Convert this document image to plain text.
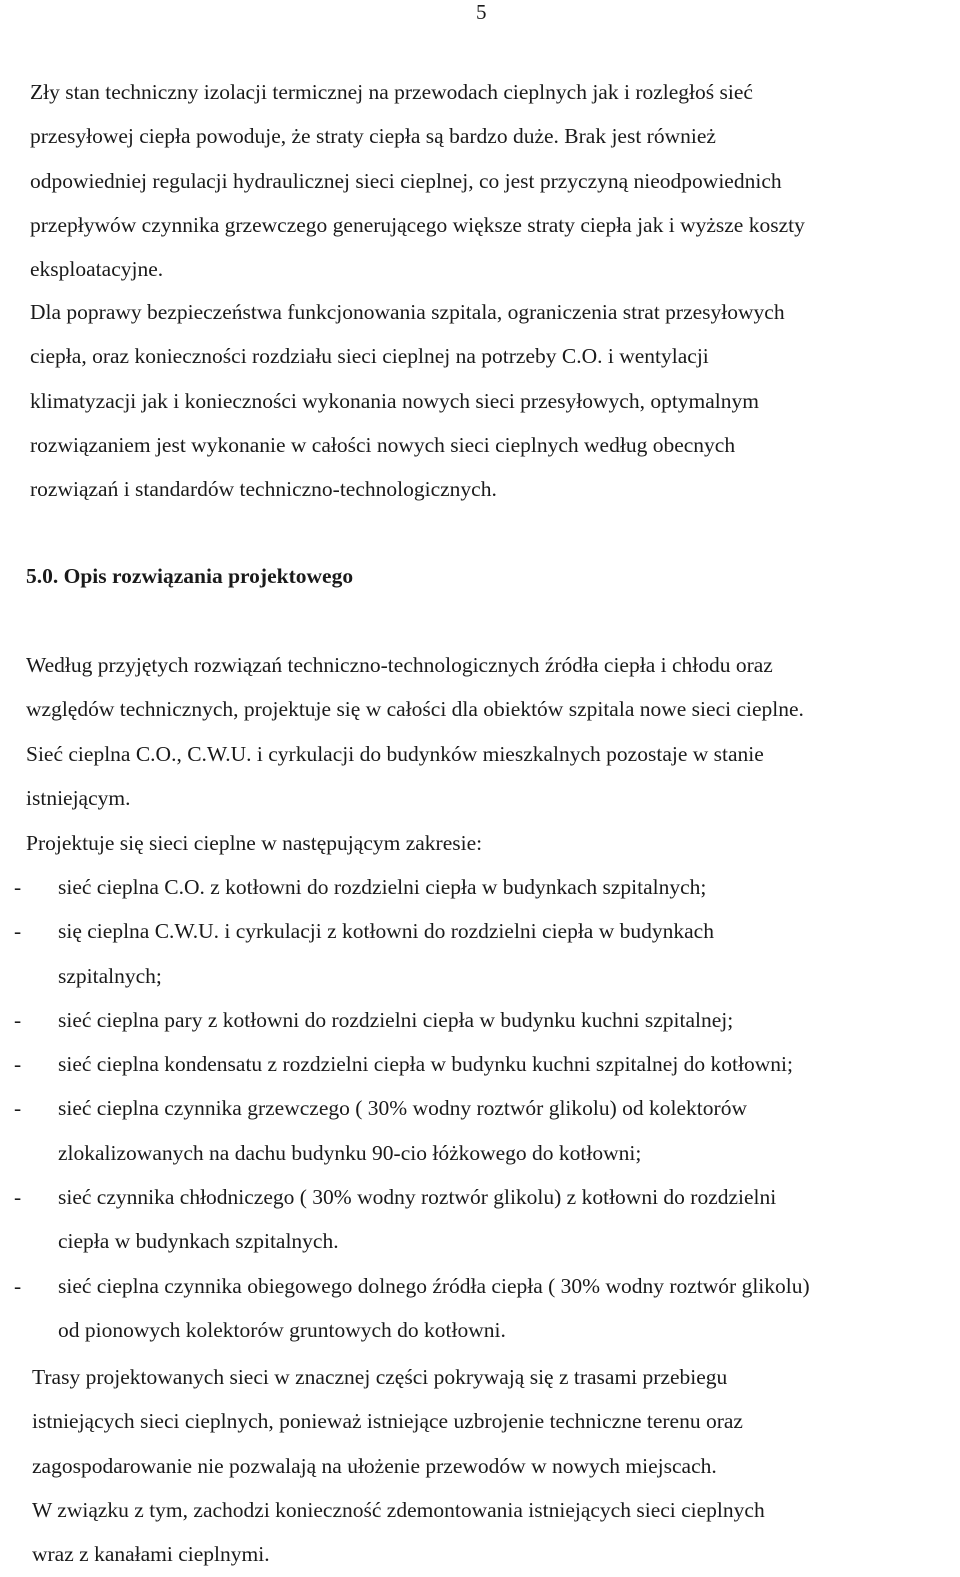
5
Zły stan techniczny izolacji termicznej na przewodach cieplnych jak i rozległoś sieć
przesyłowej ciepła powoduje, że straty ciepła są bardzo duże. Brak jest również
odpowiedniej regulacji hydraulicznej sieci cieplnej, co jest przyczyną nieodpowiednich
przepływów czynnika grzewczego generującego większe straty ciepła jak i wyższe koszty
eksploatacyjne.
Dla poprawy bezpieczeństwa funkcjonowania szpitala, ograniczenia strat przesyłowych
ciepła, oraz konieczności rozdziału sieci cieplnej na potrzeby C.O. i wentylacji
klimatyzacji jak i konieczności wykonania nowych sieci przesyłowych, optymalnym
rozwiązaniem jest wykonanie w całości nowych sieci cieplnych według obecnych
rozwiązań i standardów techniczno-technologicznych.
5.0. Opis rozwiązania projektowego
Według przyjętych rozwiązań techniczno-technologicznych źródła ciepła i chłodu oraz
względów technicznych, projektuje się w całości dla obiektów szpitala nowe sieci cieplne.
Sieć cieplna C.O., C.W.U. i cyrkulacji do budynków mieszkalnych pozostaje w stanie
istniejącym.
Projektuje się sieci cieplne w następującym zakresie:
- sieć cieplna C.O. z kotłowni do rozdzielni ciepła w budynkach szpitalnych;
- się cieplna C.W.U. i cyrkulacji z kotłowni do rozdzielni ciepła w budynkach
szpitalnych;
- sieć cieplna pary z kotłowni do rozdzielni ciepła w budynku kuchni szpitalnej;
- sieć cieplna kondensatu z rozdzielni ciepła w budynku kuchni szpitalnej do kotłowni;
- sieć cieplna czynnika grzewczego ( 30% wodny roztwór glikolu) od kolektorów
zlokalizowanych na dachu budynku 90-cio łóżkowego do kotłowni;
- sieć czynnika chłodniczego ( 30% wodny roztwór glikolu) z kotłowni do rozdzielni
ciepła w budynkach szpitalnych.
- sieć cieplna czynnika obiegowego dolnego źródła ciepła ( 30% wodny roztwór glikolu)
od pionowych kolektorów gruntowych do kotłowni.
Trasy projektowanych sieci w znacznej części pokrywają się z trasami przebiegu
istniejących sieci cieplnych, ponieważ istniejące uzbrojenie techniczne terenu oraz
zagospodarowanie nie pozwalają na ułożenie przewodów w nowych miejscach.
W związku z tym, zachodzi konieczność zdemontowania istniejących sieci cieplnych
wraz z kanałami cieplnymi.
